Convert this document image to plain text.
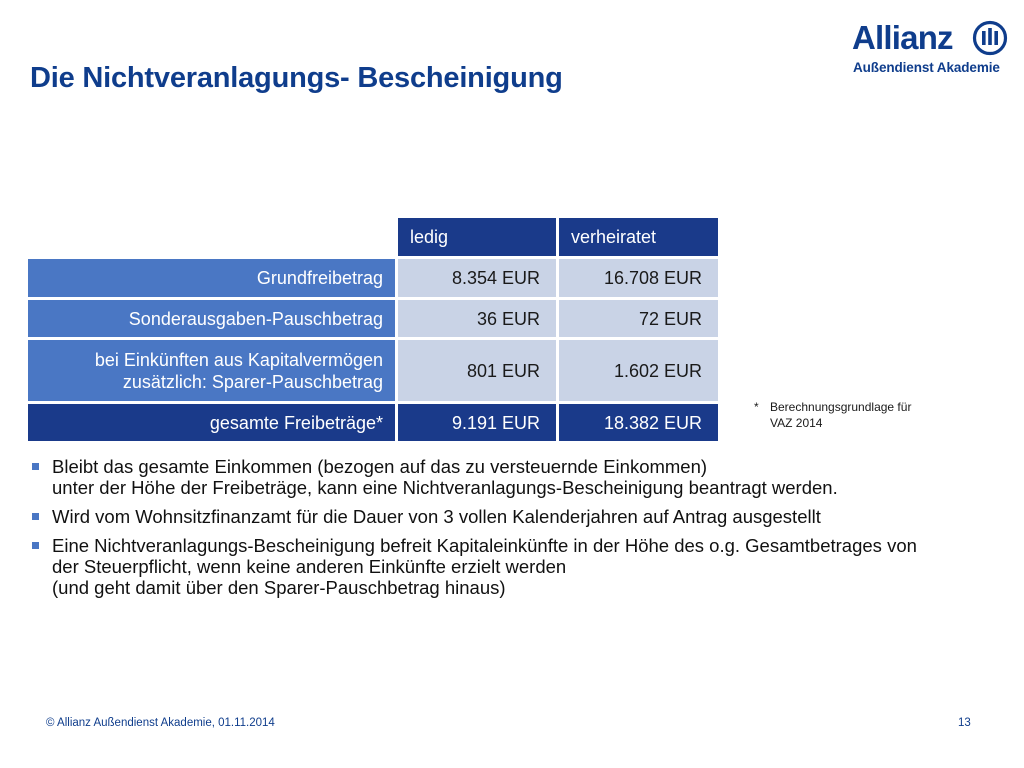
Die Nichtveranlagungs- Bescheinigung
Allianz
Außendienst Akademie
ledig	verheiratet
Grundfreibetrag	8.354 EUR	16.708 EUR
Sonderausgaben-Pauschbetrag	36 EUR	72 EUR
bei Einkünften aus Kapitalvermögen
zusätzlich: Sparer-Pauschbetrag
801 EUR	1.602 EUR
gesamte Freibeträge*	9.191 EUR	18.382 EUR
* Berechnungsgrundlage für
VAZ 2014
Bleibt das gesamte Einkommen (bezogen auf das zu versteuernde Einkommen)
unter der Höhe der Freibeträge, kann eine Nichtveranlagungs-Bescheinigung beantragt werden.
Wird vom Wohnsitzfinanzamt für die Dauer von 3 vollen Kalenderjahren auf Antrag ausgestellt
Eine Nichtveranlagungs-Bescheinigung befreit Kapitaleinkünfte in der Höhe des o.g. Gesamtbetrages von
der Steuerpflicht, wenn keine anderen Einkünfte erzielt werden
(und geht damit über den Sparer-Pauschbetrag hinaus)
© Allianz Außendienst Akademie, 01.11.2014	13
